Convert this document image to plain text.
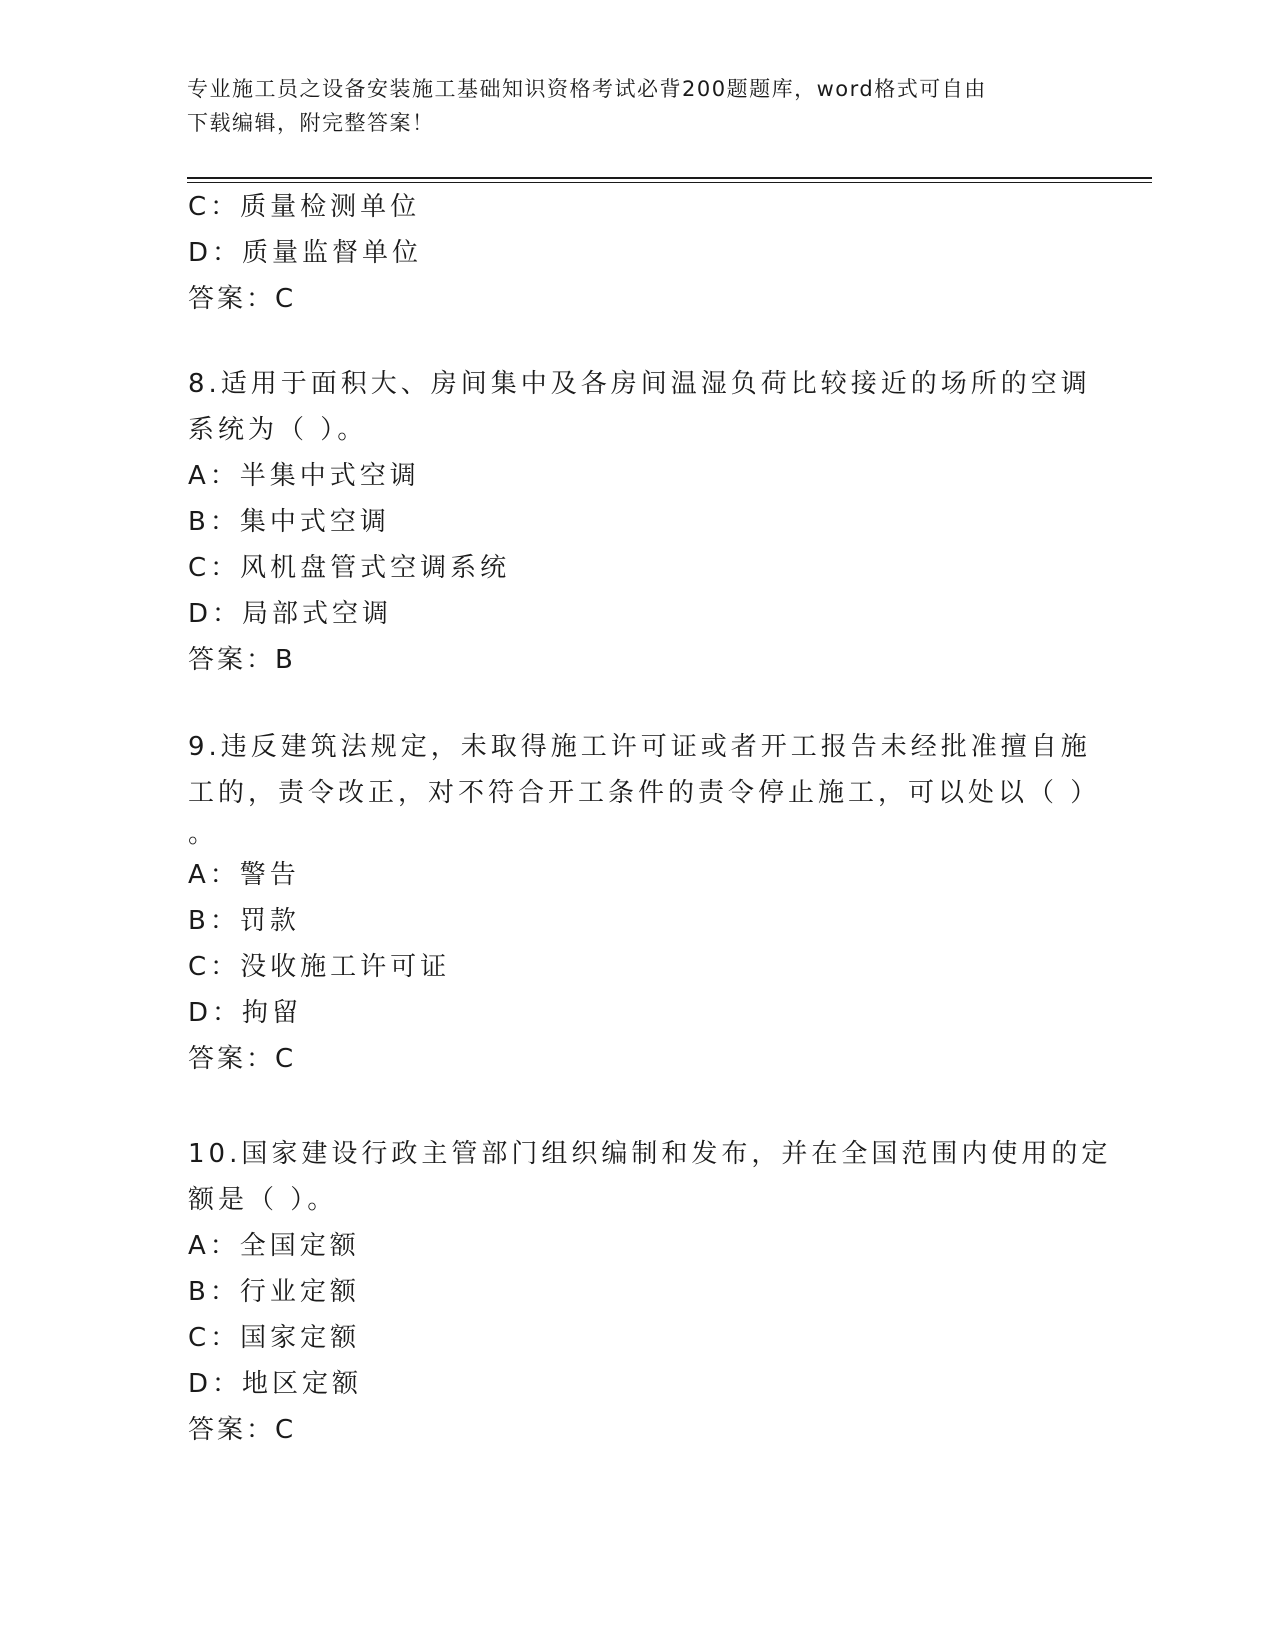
专业施工员之设备安装施工基础知识资格考试必背200题题库，word格式可自由
下载编辑，附完整答案！
C：质量检测单位
D：质量监督单位
答案：C
8.适用于面积大、房间集中及各房间温湿负荷比较接近的场所的空调
系统为（ ）。
A：半集中式空调
B：集中式空调
C：风机盘管式空调系统
D：局部式空调
答案：B
9.违反建筑法规定，未取得施工许可证或者开工报告未经批准擅自施
工的，责令改正，对不符合开工条件的责令停止施工，可以处以（ ）
。
A：警告
B：罚款
C：没收施工许可证
D：拘留
答案：C
10.国家建设行政主管部门组织编制和发布，并在全国范围内使用的定
额是（ ）。
A：全国定额
B：行业定额
C：国家定额
D：地区定额
答案：C
